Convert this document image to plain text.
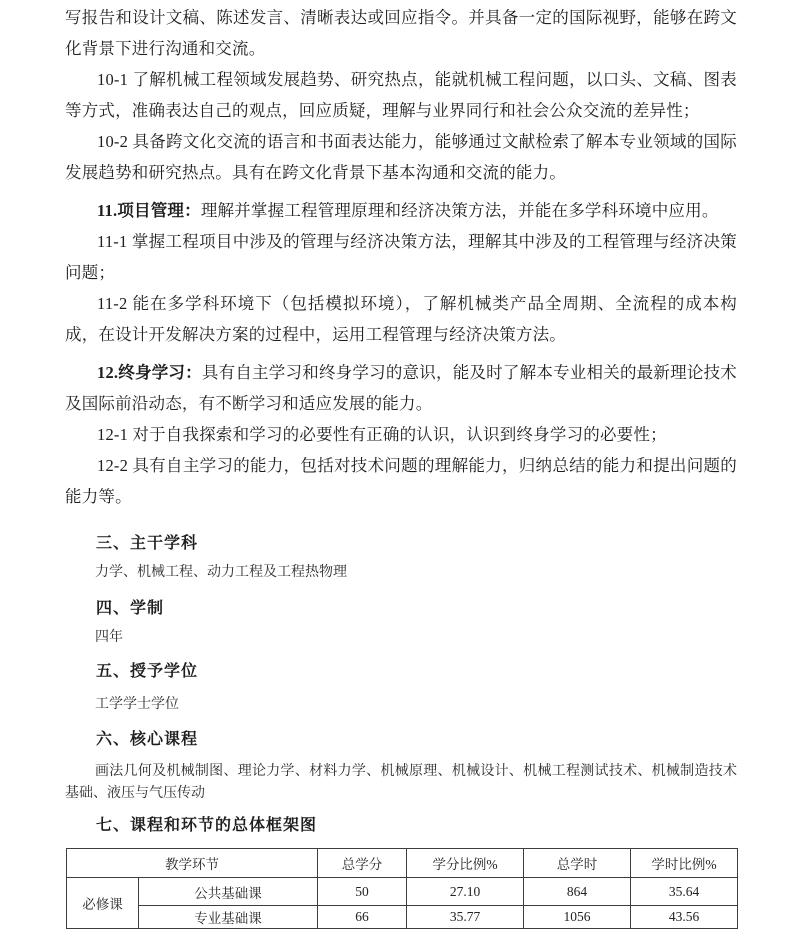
写报告和设计文稿、陈述发言、清晰表达或回应指令。并具备一定的国际视野，能够在跨文化背景下进行沟通和交流。

10-1 了解机械工程领域发展趋势、研究热点，能就机械工程问题，以口头、文稿、图表等方式，准确表达自己的观点，回应质疑，理解与业界同行和社会公众交流的差异性；

10-2 具备跨文化交流的语言和书面表达能力，能够通过文献检索了解本专业领域的国际发展趋势和研究热点。具有在跨文化背景下基本沟通和交流的能力。

11.项目管理：理解并掌握工程管理原理和经济决策方法，并能在多学科环境中应用。

11-1 掌握工程项目中涉及的管理与经济决策方法，理解其中涉及的工程管理与经济决策问题；

11-2 能在多学科环境下（包括模拟环境），了解机械类产品全周期、全流程的成本构成，在设计开发解决方案的过程中，运用工程管理与经济决策方法。

12.终身学习：具有自主学习和终身学习的意识，能及时了解本专业相关的最新理论技术及国际前沿动态，有不断学习和适应发展的能力。

12-1 对于自我探索和学习的必要性有正确的认识，认识到终身学习的必要性；

12-2 具有自主学习的能力，包括对技术问题的理解能力，归纳总结的能力和提出问题的能力等。

三、主干学科

力学、机械工程、动力工程及工程热物理

四、学制

四年

五、授予学位

工学学士学位

六、核心课程

画法几何及机械制图、理论力学、材料力学、机械原理、机械设计、机械工程测试技术、机械制造技术基础、液压与气压传动

七、课程和环节的总体框架图
教学环节		总学分	学分比例%	总学时	学时比例%
必修课	公共基础课	50	27.10	864	35.64
	专业基础课	66	35.77	1056	43.56
